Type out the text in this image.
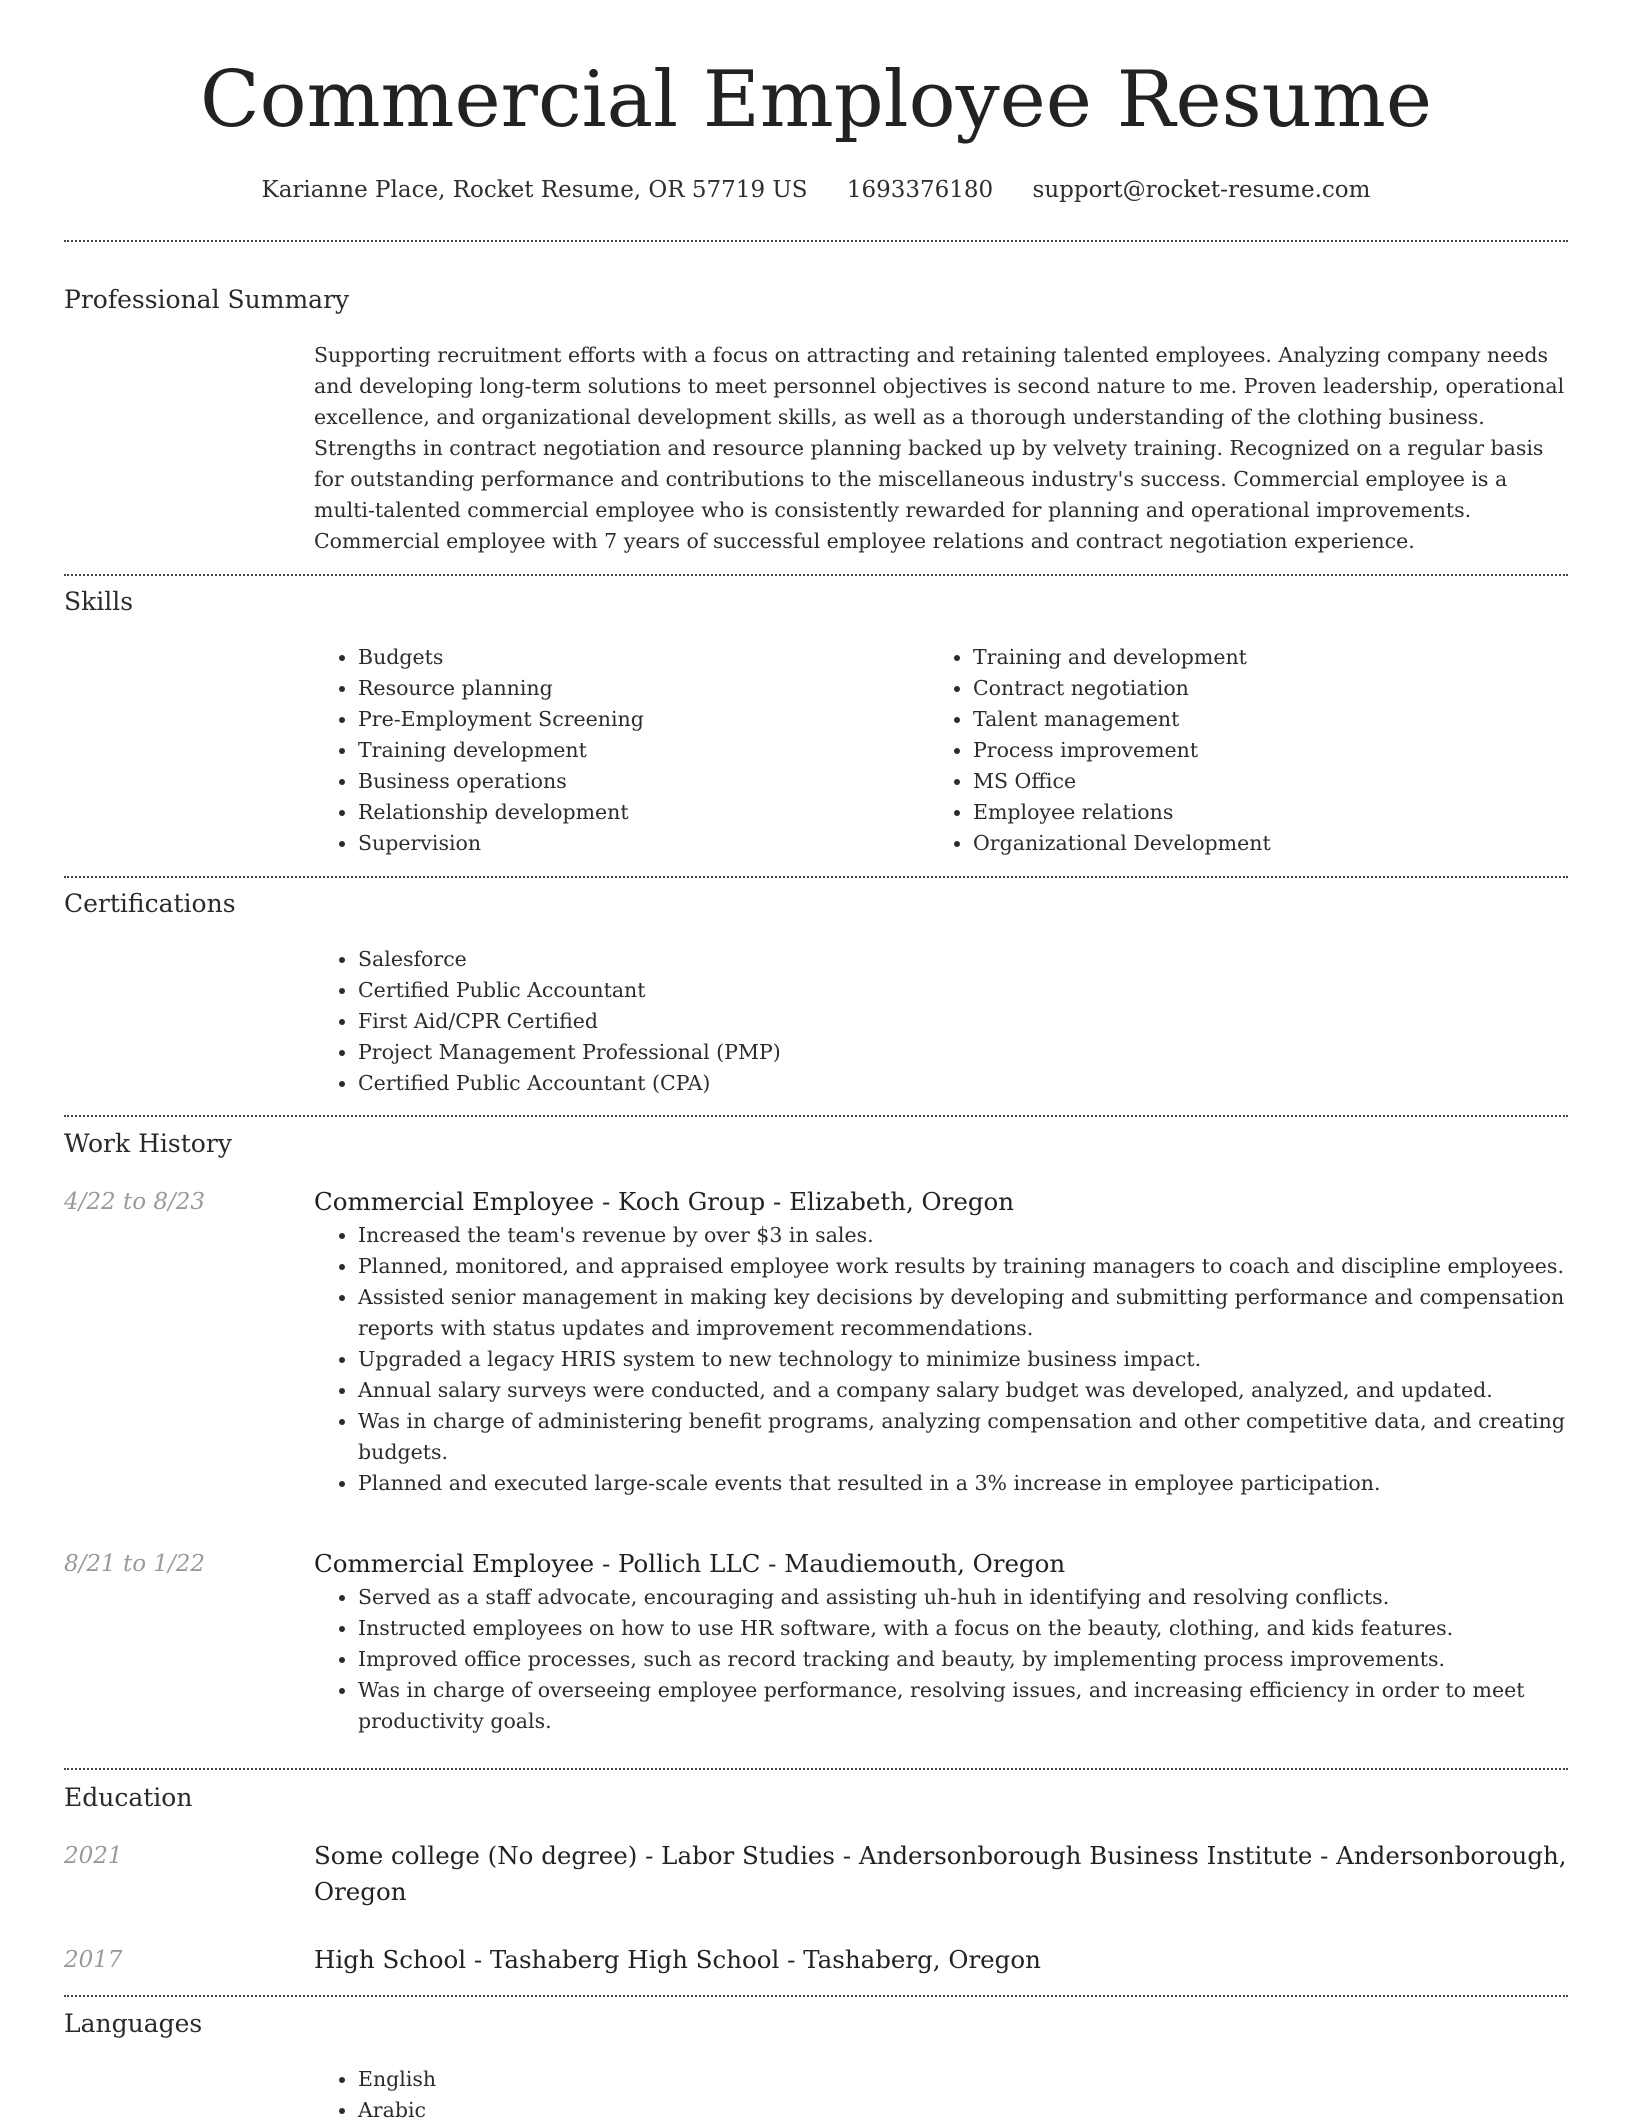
Commercial Employee Resume
Karianne Place, Rocket Resume, OR 57719 US 1693376180 support@rocket-resume.com
Professional Summary

Supporting recruitment efforts with a focus on attracting and retaining talented employees. Analyzing company needs and developing long-term solutions to meet personnel objectives is second nature to me. Proven leadership, operational excellence, and organizational development skills, as well as a thorough understanding of the clothing business. Strengths in contract negotiation and resource planning backed up by velvety training. Recognized on a regular basis for outstanding performance and contributions to the miscellaneous industry's success. Commercial employee is a multi-talented commercial employee who is consistently rewarded for planning and operational improvements. Commercial employee with 7 years of successful employee relations and contract negotiation experience.

Skills
• Budgets
• Resource planning
• Pre-Employment Screening
• Training development
• Business operations
• Relationship development
• Supervision
• Training and development
• Contract negotiation
• Talent management
• Process improvement
• MS Office
• Employee relations
• Organizational Development
Certifications
• Salesforce
• Certified Public Accountant
• First Aid/CPR Certified
• Project Management Professional (PMP)
• Certified Public Accountant (CPA)
Work History
4/22 to 8/23	Commercial Employee - Koch Group - Elizabeth, Oregon

• Increased the team's revenue by over $3 in sales.
• Planned, monitored, and appraised employee work results by training managers to coach and discipline employees.
• Assisted senior management in making key decisions by developing and submitting performance and compensation reports with status updates and improvement recommendations.
• Upgraded a legacy HRIS system to new technology to minimize business impact.
• Annual salary surveys were conducted, and a company salary budget was developed, analyzed, and updated.
• Was in charge of administering benefit programs, analyzing compensation and other competitive data, and creating budgets.
• Planned and executed large-scale events that resulted in a 3% increase in employee participation.
8/21 to 1/22	Commercial Employee - Pollich LLC - Maudiemouth, Oregon

• Served as a staff advocate, encouraging and assisting uh-huh in identifying and resolving conflicts.
• Instructed employees on how to use HR software, with a focus on the beauty, clothing, and kids features.
• Improved office processes, such as record tracking and beauty, by implementing process improvements.
• Was in charge of overseeing employee performance, resolving issues, and increasing efficiency in order to meet productivity goals.
Education
2021	Some college (No degree) - Labor Studies - Andersonborough Business Institute - Andersonborough, Oregon

2017	High School - Tashaberg High School - Tashaberg, Oregon

Languages
• English
• Arabic
